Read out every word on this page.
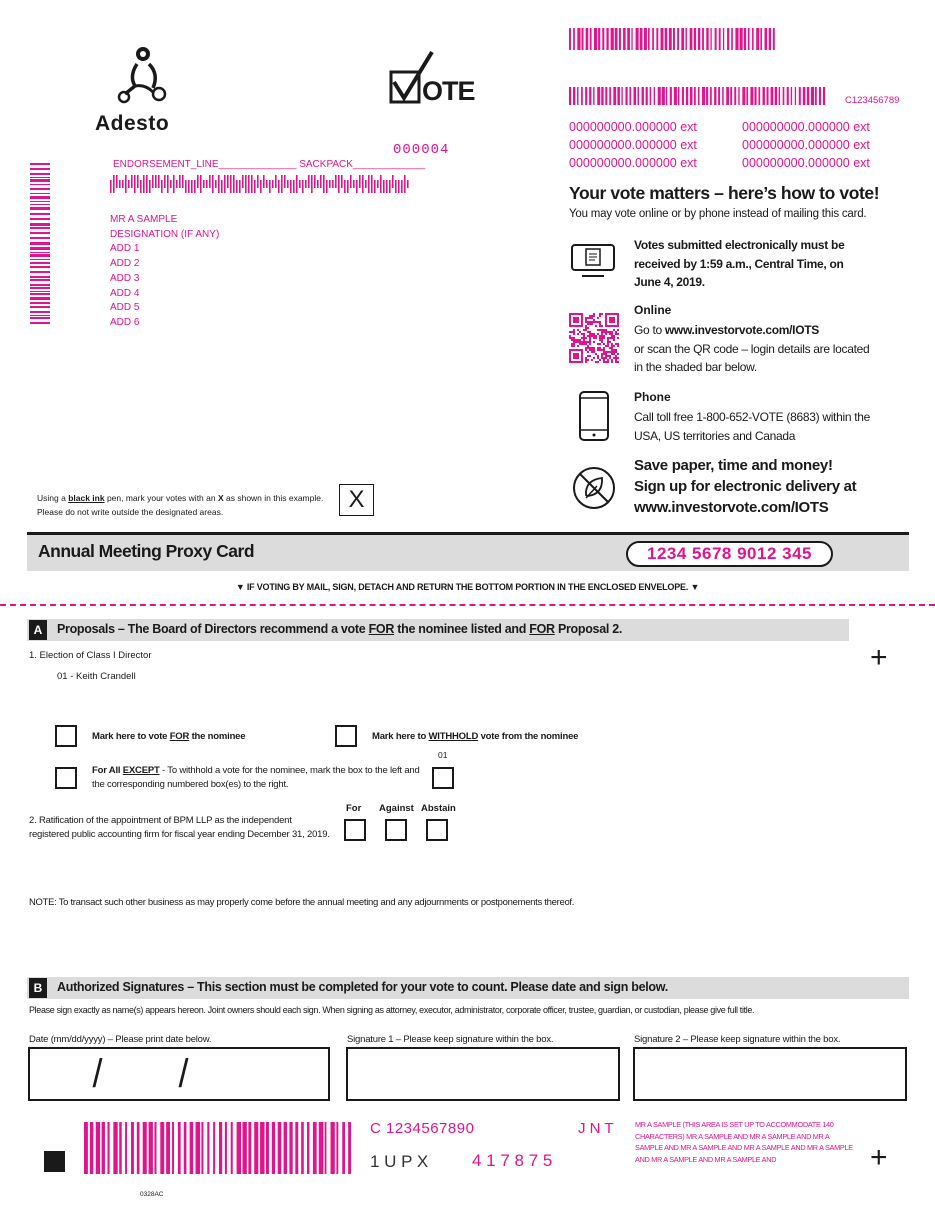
Adesto
OTE	C123456789
000000000.000000 ext	000000000.000000 ext
000000000.000000 ext	000000000.000000 ext
000000000.000000 ext	000000000.000000 ext
000004
ENDORSEMENT_LINE______________ SACKPACK_____________
MR A SAMPLE
DESIGNATION (IF ANY)
ADD 1
ADD 2
ADD 3
ADD 4
ADD 5
ADD 6
Your vote matters – here’s how to vote!
You may vote online or by phone instead of mailing this card.
Votes submitted electronically must be received by 1:59 a.m., Central Time, on June 4, 2019.
Online
Go to www.investorvote.com/IOTS
or scan the QR code – login details are located in the shaded bar below.
Phone
Call toll free 1-800-652-VOTE (8683) within the USA, US territories and Canada
Save paper, time and money!
Sign up for electronic delivery at
www.investorvote.com/IOTS
Using a black ink pen, mark your votes with an X as shown in this example.
Please do not write outside the designated areas.	X
Annual Meeting Proxy Card	1234 5678 9012 345
▼ IF VOTING BY MAIL, SIGN, DETACH AND RETURN THE BOTTOM PORTION IN THE ENCLOSED ENVELOPE. ▼
A	Proposals – The Board of Directors recommend a vote FOR the nominee listed and FOR Proposal 2.
+
1. Election of Class I Director
01 - Keith Crandell
Mark here to vote FOR the nominee	Mark here to WITHHOLD vote from the nominee
For All EXCEPT - To withhold a vote for the nominee, mark the box to the left and the corresponding numbered box(es) to the right.
01
2. Ratification of the appointment of BPM LLP as the independent registered public accounting firm for fiscal year ending December 31, 2019.
For Against Abstain
NOTE: To transact such other business as may properly come before the annual meeting and any adjournments or postponements thereof.
B	Authorized Signatures – This section must be completed for your vote to count. Please date and sign below.
Please sign exactly as name(s) appears hereon. Joint owners should each sign. When signing as attorney, executor, administrator, corporate officer, trustee, guardian, or custodian, please give full title.
Date (mm/dd/yyyy) – Please print date below.	Signature 1 – Please keep signature within the box.	Signature 2 – Please keep signature within the box.
/ /
C 1234567890	J N T
1 U P X	4 1 7 8 7 5
MR A SAMPLE (THIS AREA IS SET UP TO ACCOMMODATE 140 CHARACTERS) MR A SAMPLE AND MR A SAMPLE AND MR A SAMPLE AND MR A SAMPLE AND MR A SAMPLE AND MR A SAMPLE AND MR A SAMPLE AND MR A SAMPLE AND	+
0328AC
